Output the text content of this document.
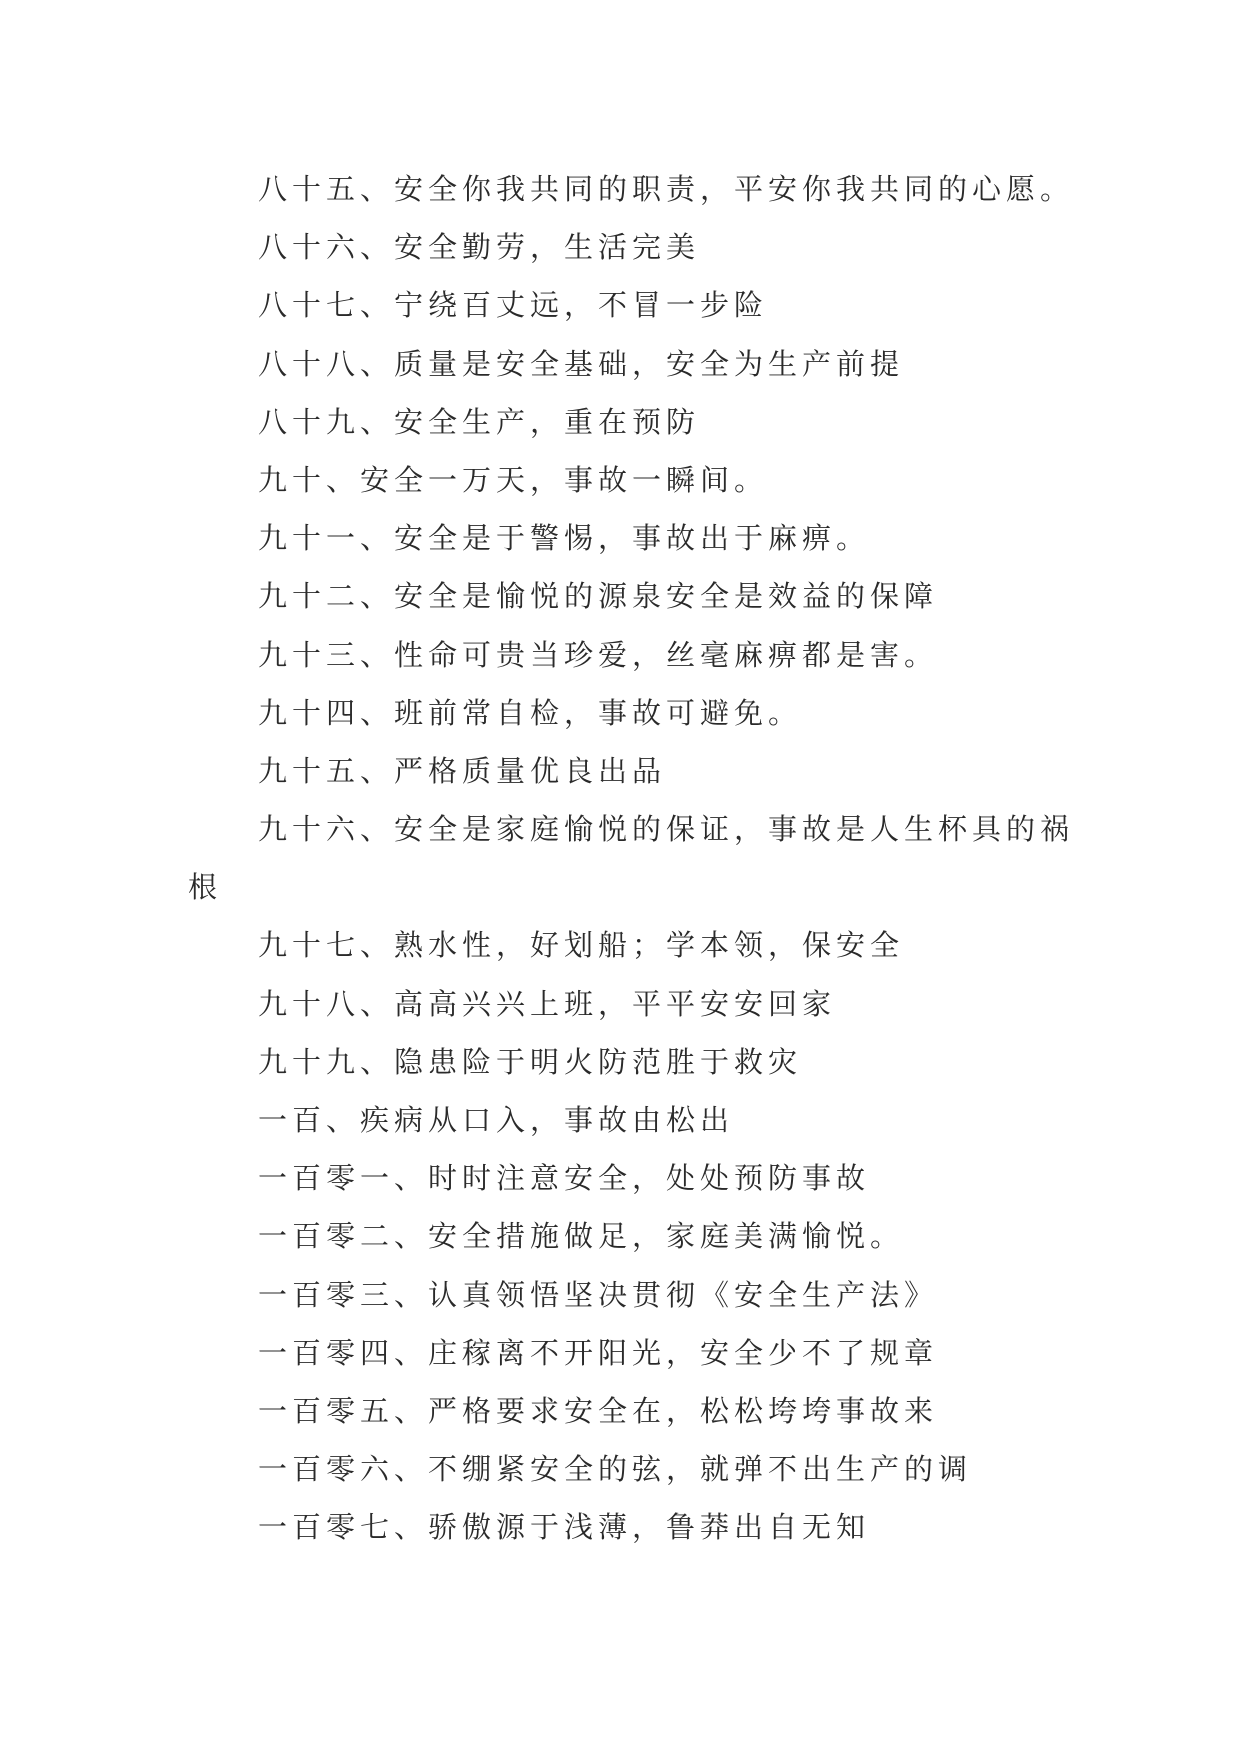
八十五、安全你我共同的职责，平安你我共同的心愿。
八十六、安全勤劳，生活完美
八十七、宁绕百丈远，不冒一步险
八十八、质量是安全基础，安全为生产前提
八十九、安全生产，重在预防
九十、安全一万天，事故一瞬间。
九十一、安全是于警惕，事故出于麻痹。
九十二、安全是愉悦的源泉安全是效益的保障
九十三、性命可贵当珍爱，丝毫麻痹都是害。
九十四、班前常自检，事故可避免。
九十五、严格质量优良出品
九十六、安全是家庭愉悦的保证，事故是人生杯具的祸
根
九十七、熟水性，好划船；学本领，保安全
九十八、高高兴兴上班，平平安安回家
九十九、隐患险于明火防范胜于救灾
一百、疾病从口入，事故由松出
一百零一、时时注意安全，处处预防事故
一百零二、安全措施做足，家庭美满愉悦。
一百零三、认真领悟坚决贯彻《安全生产法》
一百零四、庄稼离不开阳光，安全少不了规章
一百零五、严格要求安全在，松松垮垮事故来
一百零六、不绷紧安全的弦，就弹不出生产的调
一百零七、骄傲源于浅薄，鲁莽出自无知
